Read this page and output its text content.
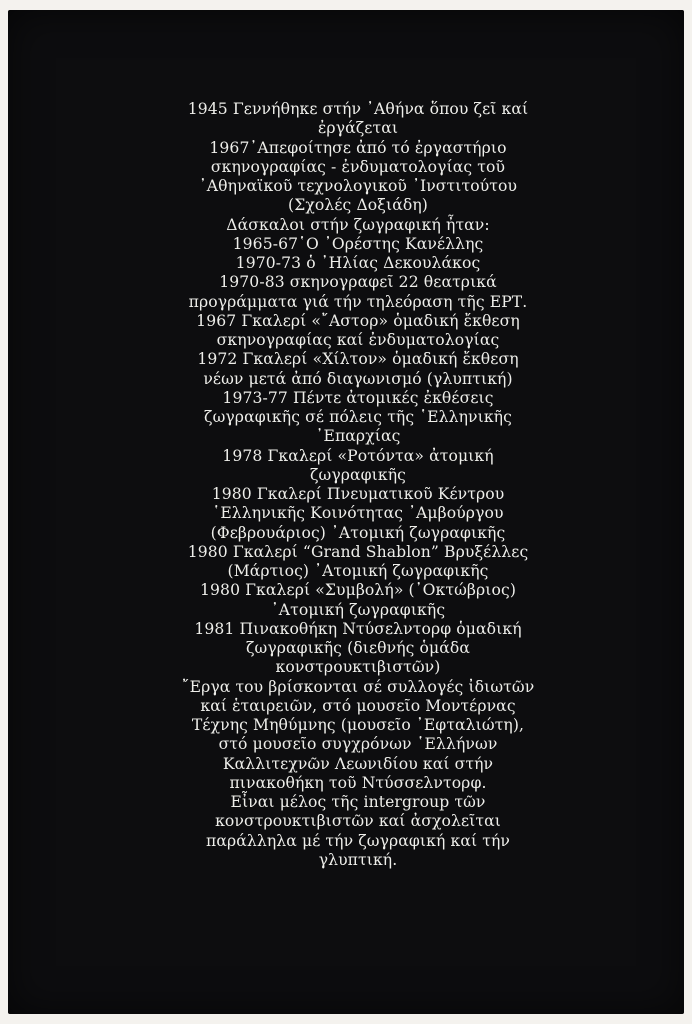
1945 Γεννήθηκε στήν ᾿Αθήνα ὅπου ζεῖ καί
ἐργάζεται
1967᾿Απεφοίτησε ἀπό τό ἐργαστήριο
σκηνογραφίας - ἐνδυματολογίας τοῦ
᾿Αθηναϊκοῦ τεχνολογικοῦ ᾿Ινστιτούτου
(Σχολές Δοξιάδη)
Δάσκαλοι στήν ζωγραφική ἦταν:
1965-67῾Ο ᾿Ορέστης Κανέλλης
1970-73 ὁ ᾿Ηλίας Δεκουλάκος
1970-83 σκηνογραφεῖ 22 θεατρικά
προγράμματα γιά τήν τηλεόραση τῆς ΕΡΤ.
1967 Γκαλερί «῎Αστορ» ὁμαδική ἔκθεση
σκηνογραφίας καί ἐνδυματολογίας
1972 Γκαλερί «Χίλτον» ὁμαδική ἔκθεση
νέων μετά ἀπό διαγωνισμό (γλυπτική)
1973-77 Πέντε ἀτομικές ἐκθέσεις
ζωγραφικῆς σέ πόλεις τῆς ῾Ελληνικῆς
᾿Επαρχίας
1978 Γκαλερί «Ροτόντα» ἀτομική
ζωγραφικῆς
1980 Γκαλερί Πνευματικοῦ Κέντρου
῾Ελληνικῆς Κοινότητας ᾿Αμβούργου
(Φεβρουάριος) ᾿Ατομική ζωγραφικῆς
1980 Γκαλερί “Grand Shablon” Βρυξέλλες
(Μάρτιος) ᾿Ατομική ζωγραφικῆς
1980 Γκαλερί «Συμβολή» (᾿Οκτώβριος)
᾿Ατομική ζωγραφικῆς
1981 Πινακοθήκη Ντύσελντορφ ὁμαδική
ζωγραφικῆς (διεθνής ὁμάδα
κονστρουκτιβιστῶν)
῎Εργα του βρίσκονται σέ συλλογές ἰδιωτῶν
καί ἑταιρειῶν, στό μουσεῖο Μοντέρνας
Τέχνης Μηθύμνης (μουσεῖο ᾿Εφταλιώτη),
στό μουσεῖο συγχρόνων ῾Ελλήνων
Καλλιτεχνῶν Λεωνιδίου καί στήν
πινακοθήκη τοῦ Ντύσσελντορφ.
Εἶναι μέλος τῆς intergroup τῶν
κονστρουκτιβιστῶν καί ἀσχολεῖται
παράλληλα μέ τήν ζωγραφική καί τήν
γλυπτική.
